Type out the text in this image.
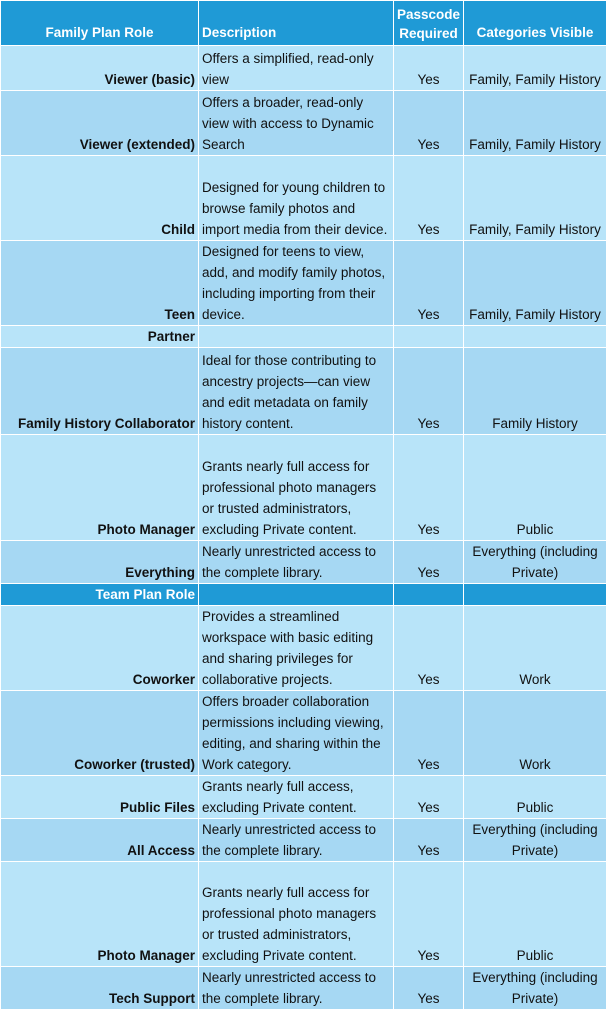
Family Plan Role	Description	Passcode Required	Categories Visible
Viewer (basic)	Offers a simplified, read-only view	Yes	Family, Family History
Viewer (extended)	Offers a broader, read-only view with access to Dynamic Search	Yes	Family, Family History
Child	Designed for young children to browse family photos and import media from their device.	Yes	Family, Family History
Teen	Designed for teens to view, add, and modify family photos, including importing from their device.	Yes	Family, Family History
Partner			
Family History Collaborator	Ideal for those contributing to ancestry projects—can view and edit metadata on family history content.	Yes	Family History
Photo Manager	Grants nearly full access for professional photo managers or trusted administrators, excluding Private content.	Yes	Public
Everything	Nearly unrestricted access to the complete library.	Yes	Everything (including Private)
Team Plan Role			
Coworker	Provides a streamlined workspace with basic editing and sharing privileges for collaborative projects.	Yes	Work
Coworker (trusted)	Offers broader collaboration permissions including viewing, editing, and sharing within the Work category.	Yes	Work
Public Files	Grants nearly full access, excluding Private content.	Yes	Public
All Access	Nearly unrestricted access to the complete library.	Yes	Everything (including Private)
Photo Manager	Grants nearly full access for professional photo managers or trusted administrators, excluding Private content.	Yes	Public
Tech Support	Nearly unrestricted access to the complete library.	Yes	Everything (including Private)
